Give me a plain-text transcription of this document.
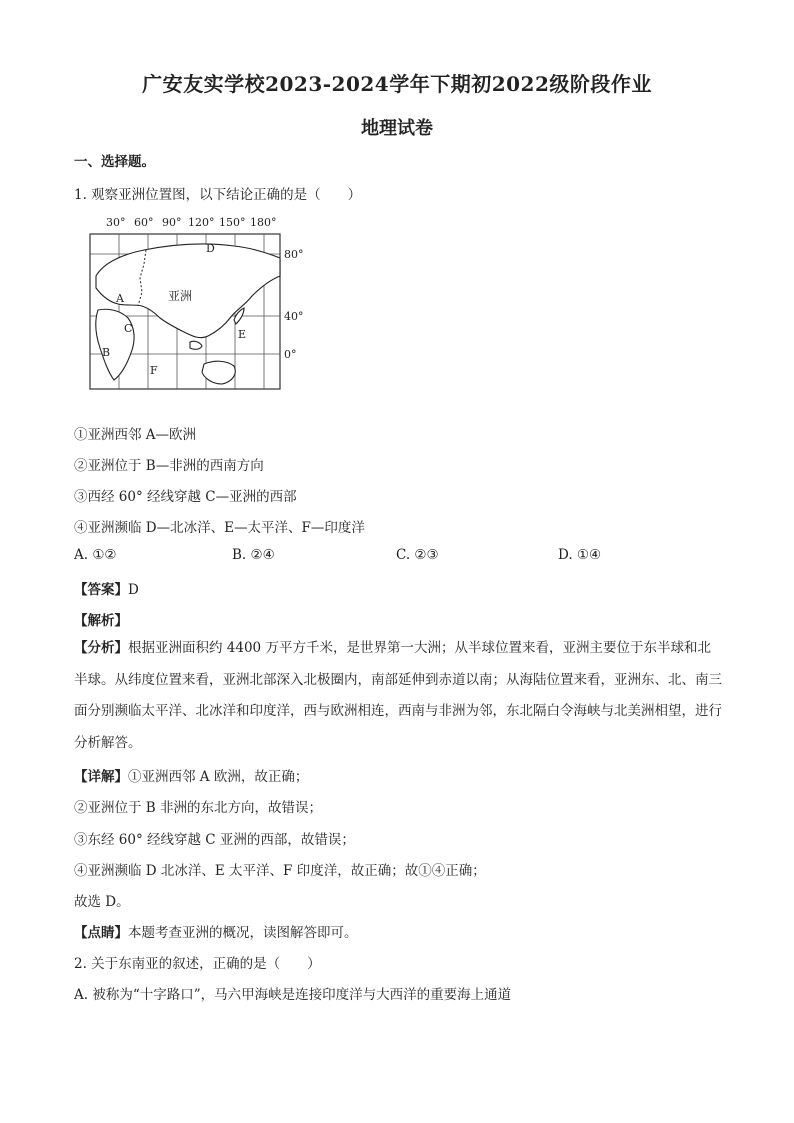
广安友实学校2023-2024学年下期初2022级阶段作业
地理试卷
一、选择题。
1. 观察亚洲位置图，以下结论正确的是（　　）
30° 60° 90° 120° 150° 180°
D
A
B
C	E
F
亚洲
80°
40°
0°
①亚洲西邻 A—欧洲
②亚洲位于 B—非洲的西南方向
③西经 60° 经线穿越 C—亚洲的西部
④亚洲濒临 D—北冰洋、E—太平洋、F—印度洋
A. ①②	B. ②④	C. ②③	D. ①④
【答案】D
【解析】
【分析】根据亚洲面积约 4400 万平方千米，是世界第一大洲；从半球位置来看，亚洲主要位于东半球和北半球。从纬度位置来看，亚洲北部深入北极圈内，南部延伸到赤道以南；从海陆位置来看，亚洲东、北、南三面分别濒临太平洋、北冰洋和印度洋，西与欧洲相连，西南与非洲为邻，东北隔白令海峡与北美洲相望，进行分析解答。
【详解】①亚洲西邻 A 欧洲，故正确；
②亚洲位于 B 非洲的东北方向，故错误；
③东经 60° 经线穿越 C 亚洲的西部，故错误；
④亚洲濒临 D 北冰洋、E 太平洋、F 印度洋，故正确；故①④正确；
故选 D。
【点睛】本题考查亚洲的概况，读图解答即可。
2. 关于东南亚的叙述，正确的是（　　）
A. 被称为“十字路口”，马六甲海峡是连接印度洋与大西洋的重要海上通道
